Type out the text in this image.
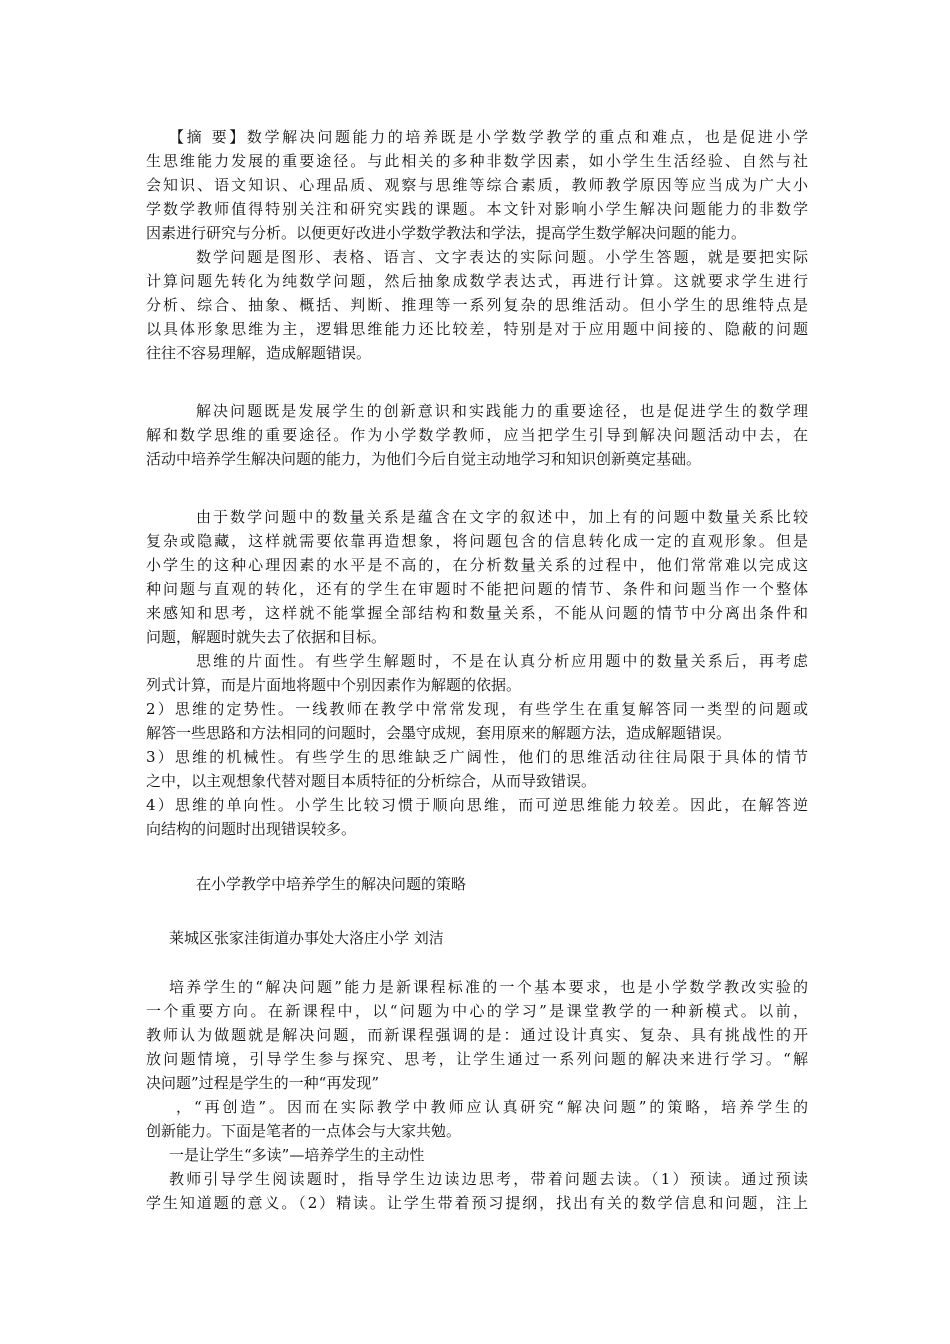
【摘 要】数学解决问题能力的培养既是小学数学教学的重点和难点，也是促进小学
生思维能力发展的重要途径。与此相关的多种非数学因素，如小学生生活经验、自然与社
会知识、语文知识、心理品质、观察与思维等综合素质，教师教学原因等应当成为广大小
学数学教师值得特别关注和研究实践的课题。本文针对影响小学生解决问题能力的非数学
因素进行研究与分析。以便更好改进小学数学教法和学法，提高学生数学解决问题的能力。
数学问题是图形、表格、语言、文字表达的实际问题。小学生答题，就是要把实际
计算问题先转化为纯数学问题，然后抽象成数学表达式，再进行计算。这就要求学生进行
分析、综合、抽象、概括、判断、推理等一系列复杂的思维活动。但小学生的思维特点是
以具体形象思维为主，逻辑思维能力还比较差，特别是对于应用题中间接的、隐蔽的问题
往往不容易理解，造成解题错误。
解决问题既是发展学生的创新意识和实践能力的重要途径，也是促进学生的数学理
解和数学思维的重要途径。作为小学数学教师，应当把学生引导到解决问题活动中去，在
活动中培养学生解决问题的能力，为他们今后自觉主动地学习和知识创新奠定基础。
由于数学问题中的数量关系是蕴含在文字的叙述中，加上有的问题中数量关系比较
复杂或隐藏，这样就需要依靠再造想象，将问题包含的信息转化成一定的直观形象。但是
小学生的这种心理因素的水平是不高的，在分析数量关系的过程中，他们常常难以完成这
种问题与直观的转化，还有的学生在审题时不能把问题的情节、条件和问题当作一个整体
来感知和思考，这样就不能掌握全部结构和数量关系，不能从问题的情节中分离出条件和
问题，解题时就失去了依据和目标。
思维的片面性。有些学生解题时，不是在认真分析应用题中的数量关系后，再考虑
列式计算，而是片面地将题中个别因素作为解题的依据。
2）思维的定势性。一线教师在教学中常常发现，有些学生在重复解答同一类型的问题或
解答一些思路和方法相同的问题时，会墨守成规，套用原来的解题方法，造成解题错误。
3）思维的机械性。有些学生的思维缺乏广阔性，他们的思维活动往往局限于具体的情节
之中，以主观想象代替对题目本质特征的分析综合，从而导致错误。
4）思维的单向性。小学生比较习惯于顺向思维，而可逆思维能力较差。因此，在解答逆
向结构的问题时出现错误较多。
在小学教学中培养学生的解决问题的策略
莱城区张家洼街道办事处大洛庄小学 刘洁
培养学生的“解决问题”能力是新课程标准的一个基本要求，也是小学数学教改实验的
一个重要方向。在新课程中，以“问题为中心的学习”是课堂教学的一种新模式。以前，
教师认为做题就是解决问题，而新课程强调的是：通过设计真实、复杂、具有挑战性的开
放问题情境，引导学生参与探究、思考，让学生通过一系列问题的解决来进行学习。“解
决问题”过程是学生的一种“再发现”
，“再创造”。因而在实际教学中教师应认真研究“解决问题”的策略，培养学生的
创新能力。下面是笔者的一点体会与大家共勉。
一是让学生“多读”—培养学生的主动性
教师引导学生阅读题时，指导学生边读边思考，带着问题去读。（1）预读。通过预读
学生知道题的意义。（2）精读。让学生带着预习提纲，找出有关的数学信息和问题，注上
